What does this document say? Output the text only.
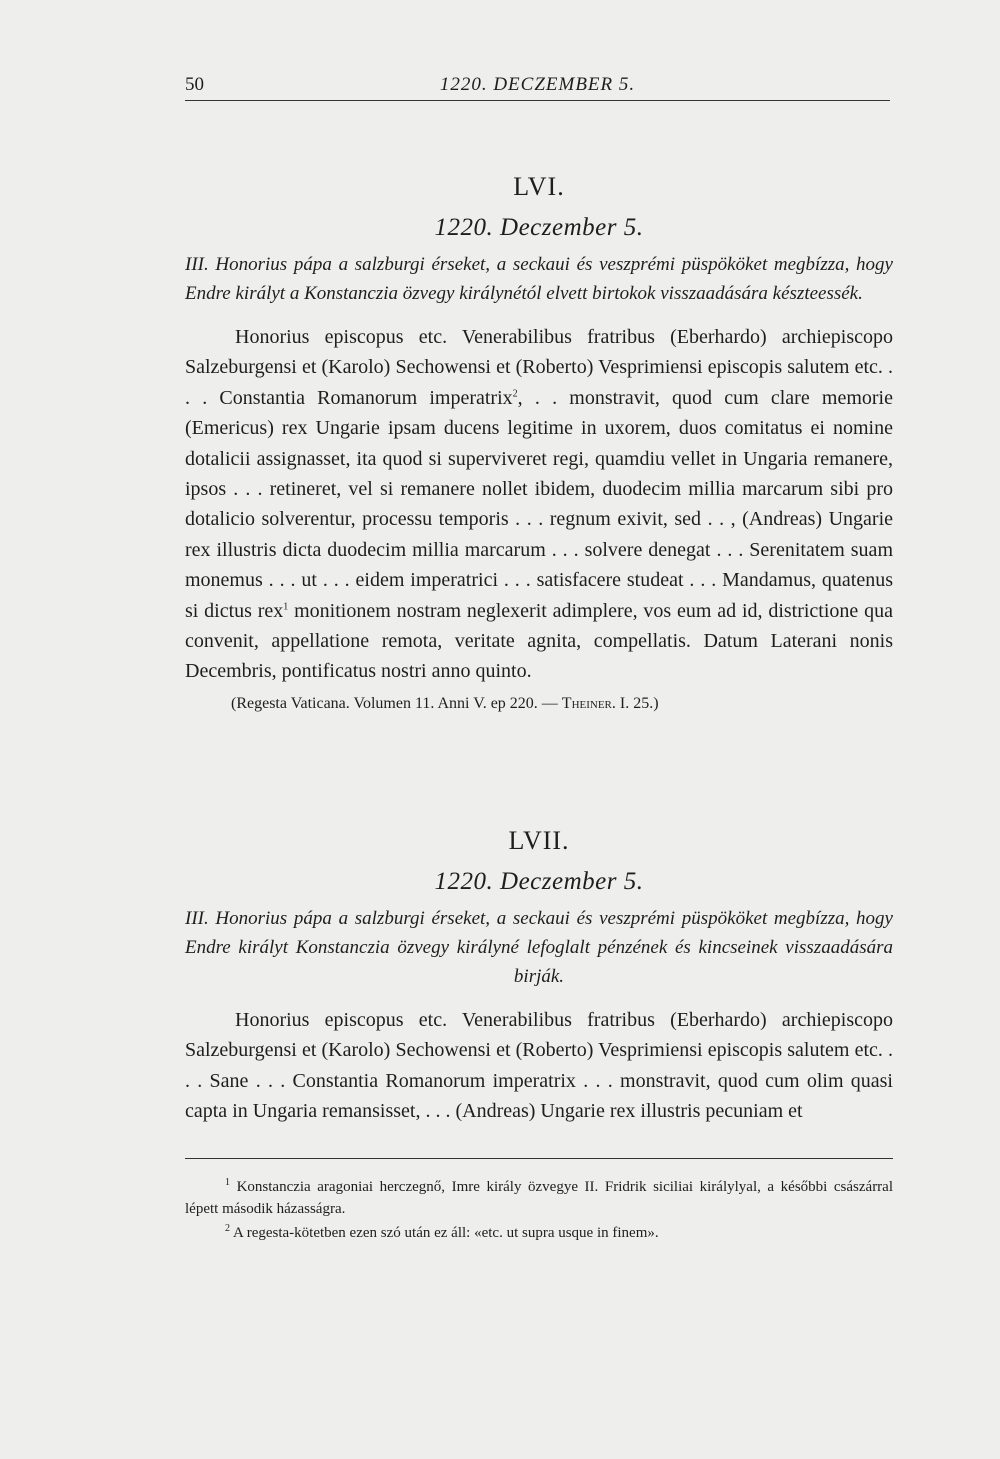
50	1220. DECZEMBER 5.
LVI.
1220. Deczember 5.
III. Honorius pápa a salzburgi érseket, a seckaui és veszprémi püspököket megbízza, hogy Endre királyt a Konstanczia özvegy királynétól elvett birtokok visszaadására készteessék.
Honorius episcopus etc. Venerabilibus fratribus (Eberhardo) archiepiscopo Salzeburgensi et (Karolo) Sechowensi et (Roberto) Vesprimiensi episcopis salutem etc. . . . Constantia Romanorum imperatrix$^2$, . . monstravit, quod cum clare memorie (Emericus) rex Ungarie ipsam ducens legitime in uxorem, duos comitatus ei nomine dotalicii assignasset, ita quod si superviveret regi, quamdiu vellet in Ungaria remanere, ipsos . . . retineret, vel si remanere nollet ibidem, duodecim millia marcarum sibi pro dotalicio solverentur, processu temporis . . . regnum exivit, sed . . , (Andreas) Ungarie rex illustris dicta duodecim millia marcarum . . . solvere denegat . . . Serenitatem suam monemus . . . ut . . . eidem imperatrici . . . satisfacere studeat . . . Mandamus, quatenus si dictus rex$^1$ monitionem nostram neglexerit adimplere, vos eum ad id, districtione qua convenit, appellatione remota, veritate agnita, compellatis. Datum Laterani nonis Decembris, pontificatus nostri anno quinto.
(Regesta Vaticana. Volumen 11. Anni V. ep 220. — Theiner. I. 25.)
LVII.
1220. Deczember 5.
III. Honorius pápa a salzburgi érseket, a seckaui és veszprémi püspököket megbízza, hogy Endre királyt Konstanczia özvegy királyné lefoglalt pénzének és kincseinek visszaadására birják.
Honorius episcopus etc. Venerabilibus fratribus (Eberhardo) archiepiscopo Salzeburgensi et (Karolo) Sechowensi et (Roberto) Vesprimiensi episcopis salutem etc. . . . Sane . . . Constantia Romanorum imperatrix . . . monstravit, quod cum olim quasi capta in Ungaria remansisset, . . . (Andreas) Ungarie rex illustris pecuniam et

$^1$ Konstanczia aragoniai herczegnő, Imre király özvegye II. Fridrik siciliai királylyal, a későbbi császárral lépett második házasságra.

$^2$ A regesta-kötetben ezen szó után ez áll: «etc. ut supra usque in finem».
